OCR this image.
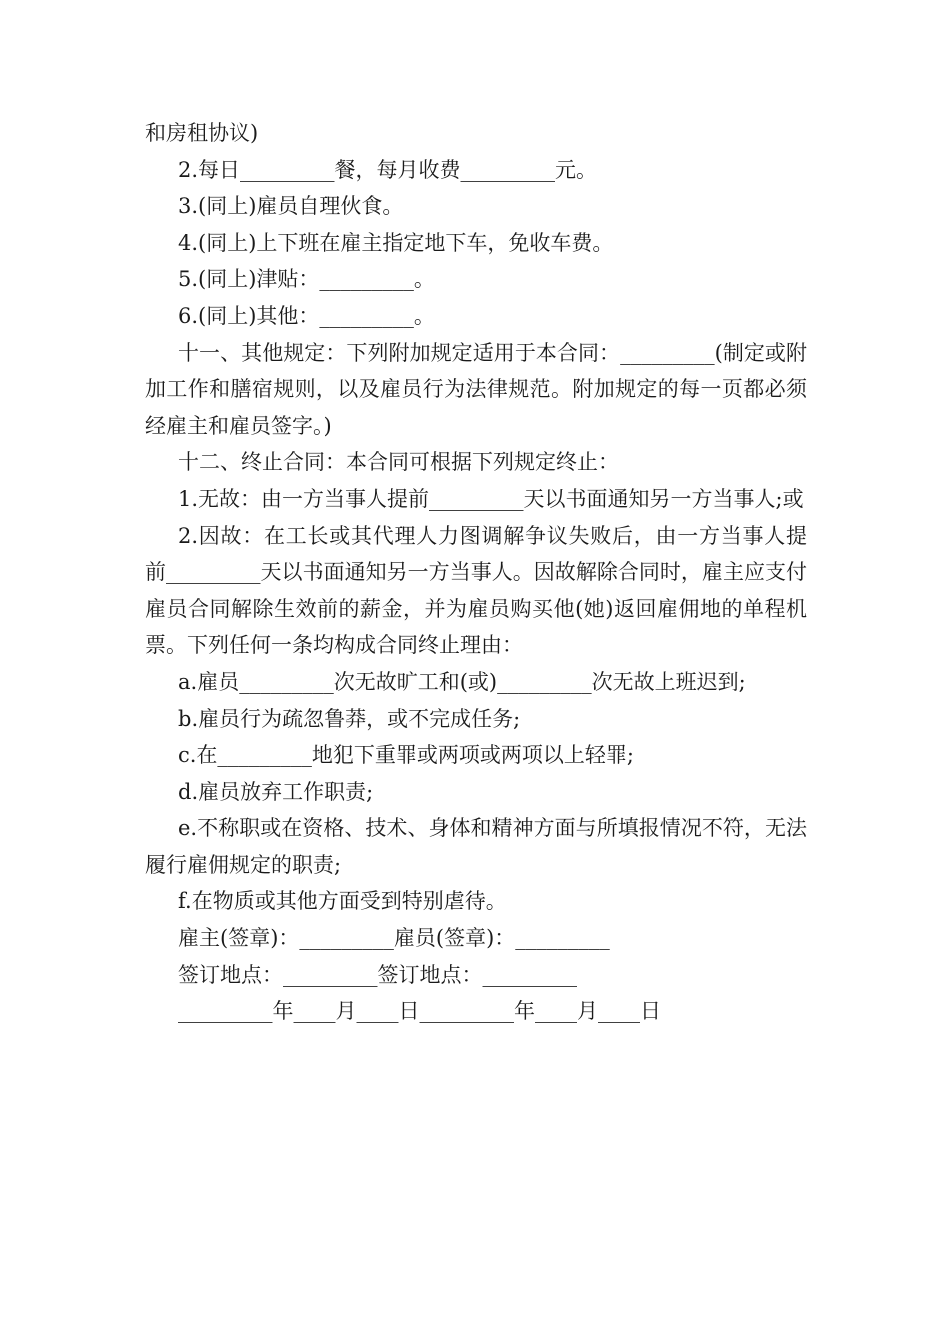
和房租协议)

2.每日_________餐，每月收费_________元。

3.(同上)雇员自理伙食。

4.(同上)上下班在雇主指定地下车，免收车费。

5.(同上)津贴：_________。

6.(同上)其他：_________。

十一、其他规定：下列附加规定适用于本合同：_________(制定或附加工作和膳宿规则，以及雇员行为法律规范。附加规定的每一页都必须经雇主和雇员签字。)

十二、终止合同：本合同可根据下列规定终止：

1.无故：由一方当事人提前_________天以书面通知另一方当事人;或

2.因故：在工长或其代理人力图调解争议失败后，由一方当事人提前_________天以书面通知另一方当事人。因故解除合同时，雇主应支付雇员合同解除生效前的薪金，并为雇员购买他(她)返回雇佣地的单程机票。下列任何一条均构成合同终止理由：

a.雇员_________次无故旷工和(或)_________次无故上班迟到;

b.雇员行为疏忽鲁莽，或不完成任务;

c.在_________地犯下重罪或两项或两项以上轻罪;

d.雇员放弃工作职责;

e.不称职或在资格、技术、身体和精神方面与所填报情况不符，无法履行雇佣规定的职责;

f.在物质或其他方面受到特别虐待。

雇主(签章)：_________雇员(签章)：_________

签订地点：_________签订地点：_________

_________年____月____日_________年____月____日
